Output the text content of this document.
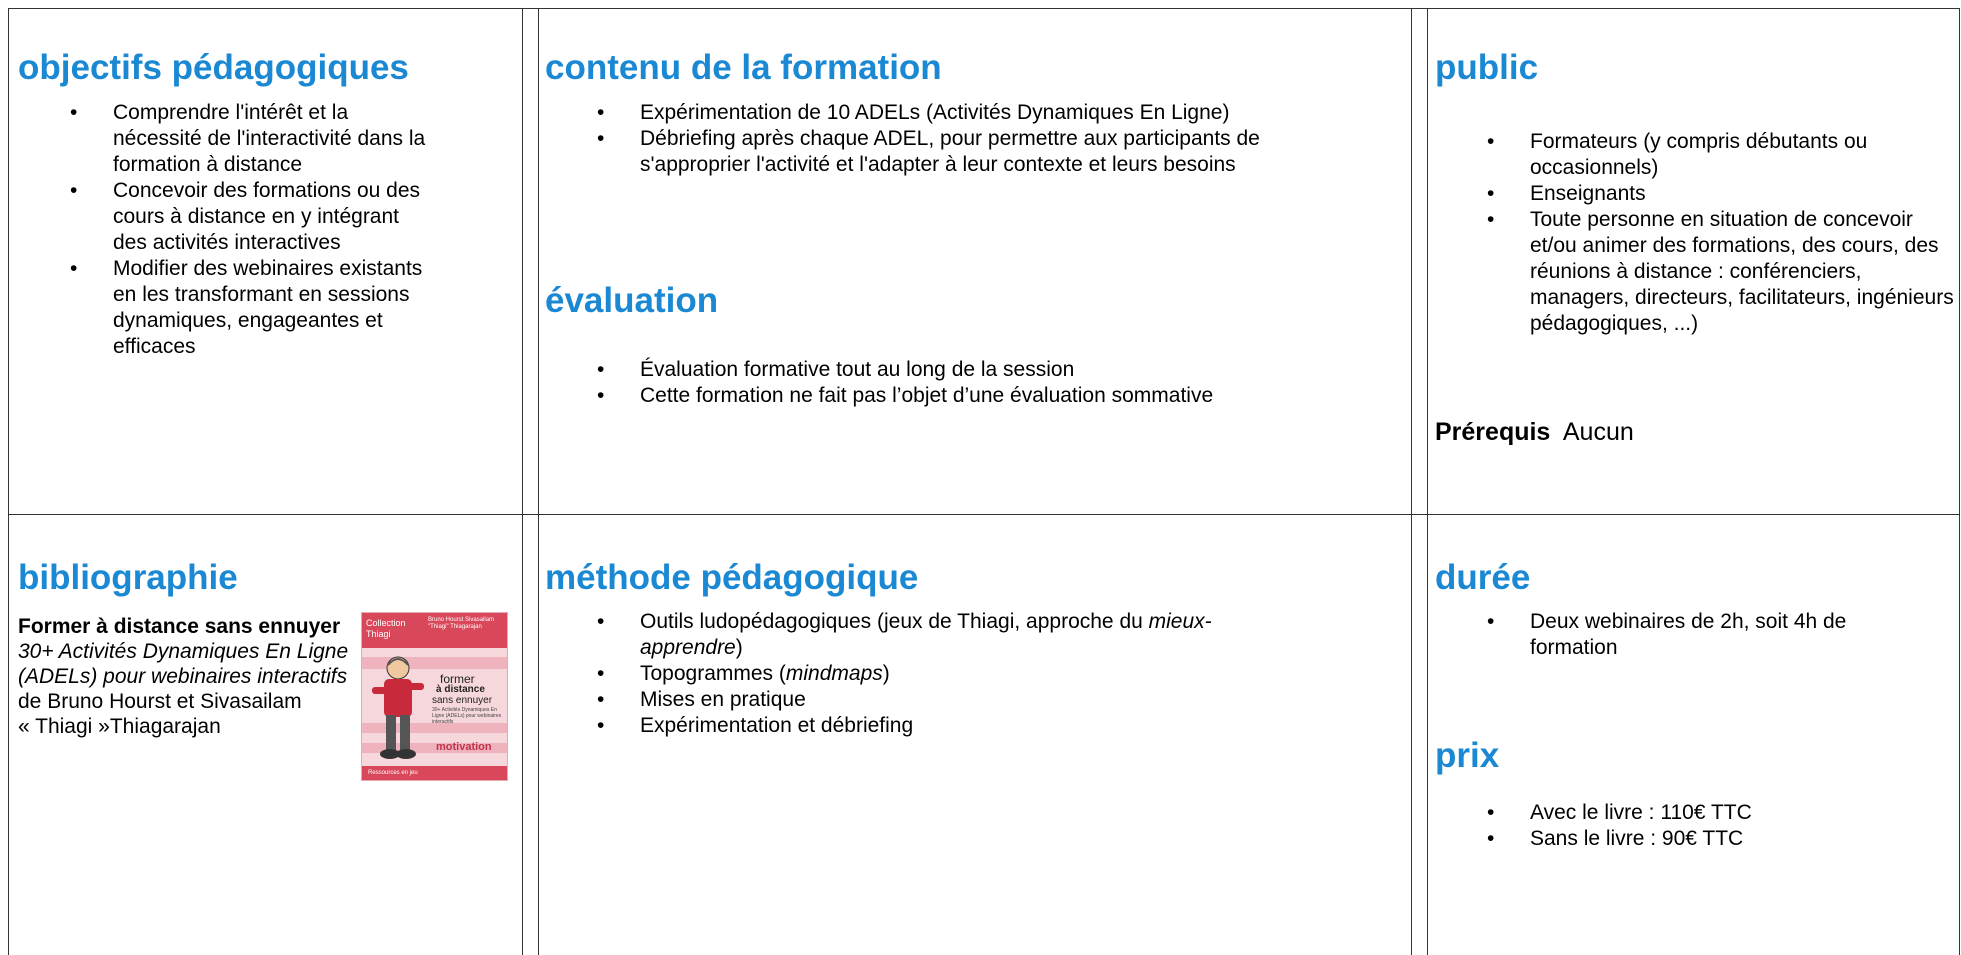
objectifs pédagogiques
• Comprendre l'intérêt et la nécessité de l'interactivité dans la formation à distance
• Concevoir des formations ou des cours à distance en y intégrant des activités interactives
• Modifier des webinaires existants en les transformant en sessions dynamiques, engageantes et efficaces
contenu de la formation
• Expérimentation de 10 ADELs (Activités Dynamiques En Ligne)
• Débriefing après chaque ADEL, pour permettre aux participants de s'approprier l'activité et l'adapter à leur contexte et leurs besoins
évaluation
• Évaluation formative tout au long de la session
• Cette formation ne fait pas l’objet d’une évaluation sommative
public
• Formateurs (y compris débutants ou occasionnels)
• Enseignants
• Toute personne en situation de concevoir et/ou animer des formations, des cours, des réunions à distance : conférenciers, managers, directeurs, facilitateurs, ingénieurs pédagogiques, ...)
Prérequis Aucun
bibliographie
Former à distance sans ennuyer 30+ Activités Dynamiques En Ligne (ADELs) pour webinaires interactifs
de Bruno Hourst et Sivasailam
« Thiagi »Thiagarajan
Collection Thiagi
Bruno Hourst Sivasailam "Thiagi" Thiagarajan
former
à distance
sans ennuyer
30+ Activités Dynamiques En Ligne (ADELs) pour webinaires interactifs
motivation
Ressources en jeu
méthode pédagogique
• Outils ludopédagogiques (jeux de Thiagi, approche du mieux-apprendre)
• Topogrammes (mindmaps)
• Mises en pratique
• Expérimentation et débriefing
durée
• Deux webinaires de 2h, soit 4h de formation
prix
• Avec le livre : 110€ TTC
• Sans le livre : 90€ TTC
